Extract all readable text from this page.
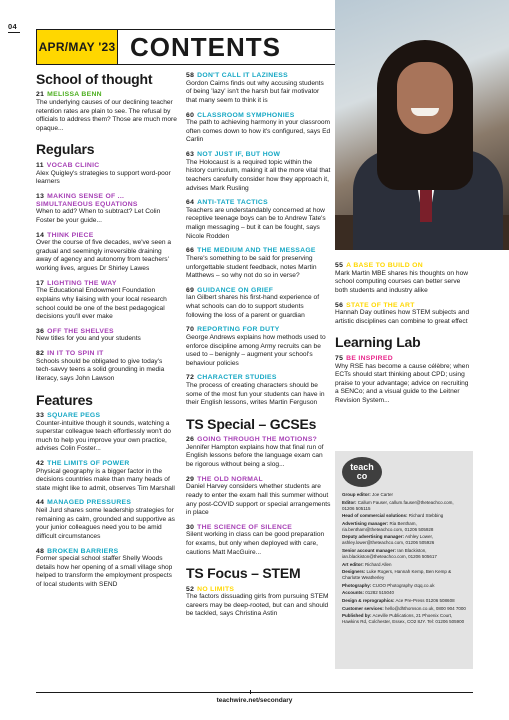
04
APR/MAY '23 CONTENTS
School of thought
21 MELISSA BENN
The underlying causes of our declining teacher retention rates are plain to see. The refusal by officials to address them? Those are much more opaque...
Regulars
11 VOCAB CLINIC
Alex Quigley's strategies to support word-poor learners
13 MAKING SENSE OF ... SIMULTANEOUS EQUATIONS
When to add? When to subtract? Let Colin Foster be your guide...
14 THINK PIECE
Over the course of five decades, we've seen a gradual and seemingly irreversible draining away of agency and autonomy from teachers' working lives, argues Dr Shirley Lawes
17 LIGHTING THE WAY
The Educational Endowment Foundation explains why liaising with your local research school could be one of the best pedagogical decisions you'll ever make
36 OFF THE SHELVES
New titles for you and your students
82 IN IT TO SPIN IT
Schools should be obligated to give today's tech-savvy teens a solid grounding in media literacy, says John Lawson
Features
33 SQUARE PEGS
Counter-intuitive though it sounds, watching a superstar colleague teach effortlessly won't do much to help you improve your own practice, advises Colin Foster...
42 THE LIMITS OF POWER
Physical geography is a bigger factor in the decisions countries make than many heads of state might like to admit, observes Tim Marshall
44 MANAGED PRESSURES
Neil Jurd shares some leadership strategies for remaining as calm, grounded and supportive as your junior colleagues need you to be amid difficult circumstances
48 BROKEN BARRIERS
Former special school staffer Shelly Woods details how her opening of a small village shop helped to transform the employment prospects of local students with SEND
58 DON'T CALL IT LAZINESS
Gordon Cairns finds out why accusing students of being 'lazy' isn't the harsh but fair motivator that many seem to think it is
60 CLASSROOM SYMPHONIES
The path to achieving harmony in your classroom often comes down to how it's configured, says Ed Carlin
63 NOT JUST IF, BUT HOW
The Holocaust is a required topic within the history curriculum, making it all the more vital that teachers carefully consider how they approach it, advises Mark Rusling
64 ANTI-TATE TACTICS
Teachers are understandably concerned at how receptive teenage boys can be to Andrew Tate's malign messaging – but it can be fought, says Nicole Rodden
66 THE MEDIUM AND THE MESSAGE
There's something to be said for preserving unforgettable student feedback, notes Martin Matthews – so why not do so in verse?
69 GUIDANCE ON GRIEF
Ian Gilbert shares his first-hand experience of what schools can do to support students following the loss of a parent or guardian
70 REPORTING FOR DUTY
George Andrews explains how methods used to enforce discipline among Army recruits can be used to – benignly – augment your school's behaviour policies
72 CHARACTER STUDIES
The process of creating characters should be some of the most fun your students can have in their English lessons, writes Martin Ferguson
TS Special – GCSEs
26 GOING THROUGH THE MOTIONS?
Jennifer Hampton explains how that final run of English lessons before the language exam can be rigorous without being a slog...
29 THE OLD NORMAL
Daniel Harvey considers whether students are ready to enter the exam hall this summer without any post-COVID support or special arrangements in place
30 THE SCIENCE OF SILENCE
Silent working in class can be good preparation for exams, but only when deployed with care, cautions Matt MacGuire...
TS Focus – STEM
52 NO LIMITS
The factors dissuading girls from pursuing STEM careers may be deep-rooted, but can and should be tackled, says Christina Astin
55 A BASE TO BUILD ON
Mark Martin MBE shares his thoughts on how school computing courses can better serve both students and industry alike
56 STATE OF THE ART
Hannah Day outlines how STEM subjects and artistic disciplines can combine to great effect
Learning Lab
75 BE INSPIRED
Why RSE has become a cause célèbre; when ECTs should start thinking about CPD; using praise to your advantage; advice on recruiting a SENCo; and a visual guide to the Leitner Revision System...
teach
co
Group editor: Joe Carter
Editor: Callum Fauser, callum.fauser@theteachco.com, 01206 505115
Head of commercial solutions: Richard Stebbing
Advertising manager: Ria Bentham, ria.bentham@theteachco.com, 01206 505928
Deputy advertising manager: Ashley Lower, ashley.lower@theteachco.com, 01206 505926
Senior account manager: Ian Blackiston, ian.blackiston@theteachco.com, 01206 505617
Art editor: Richard Allen
Designers: Luke Rogers, Hannah Kemp, Ben Kemp & Charlotte Weatherley
Photography: CUOO Photography ctqq.co.uk
Accounts: 01282 515040
Design & reprographics: Ace Pre-Press 01206 508608
Customer services: hello@dhthomson.co.uk, 0800 904 7000
Published by: Aceville Publications, 21 Phoenix Court, Hawkins Rd, Colchester, Essex, CO2 8JY. Tel: 01206 505900
teachwire.net/secondary
